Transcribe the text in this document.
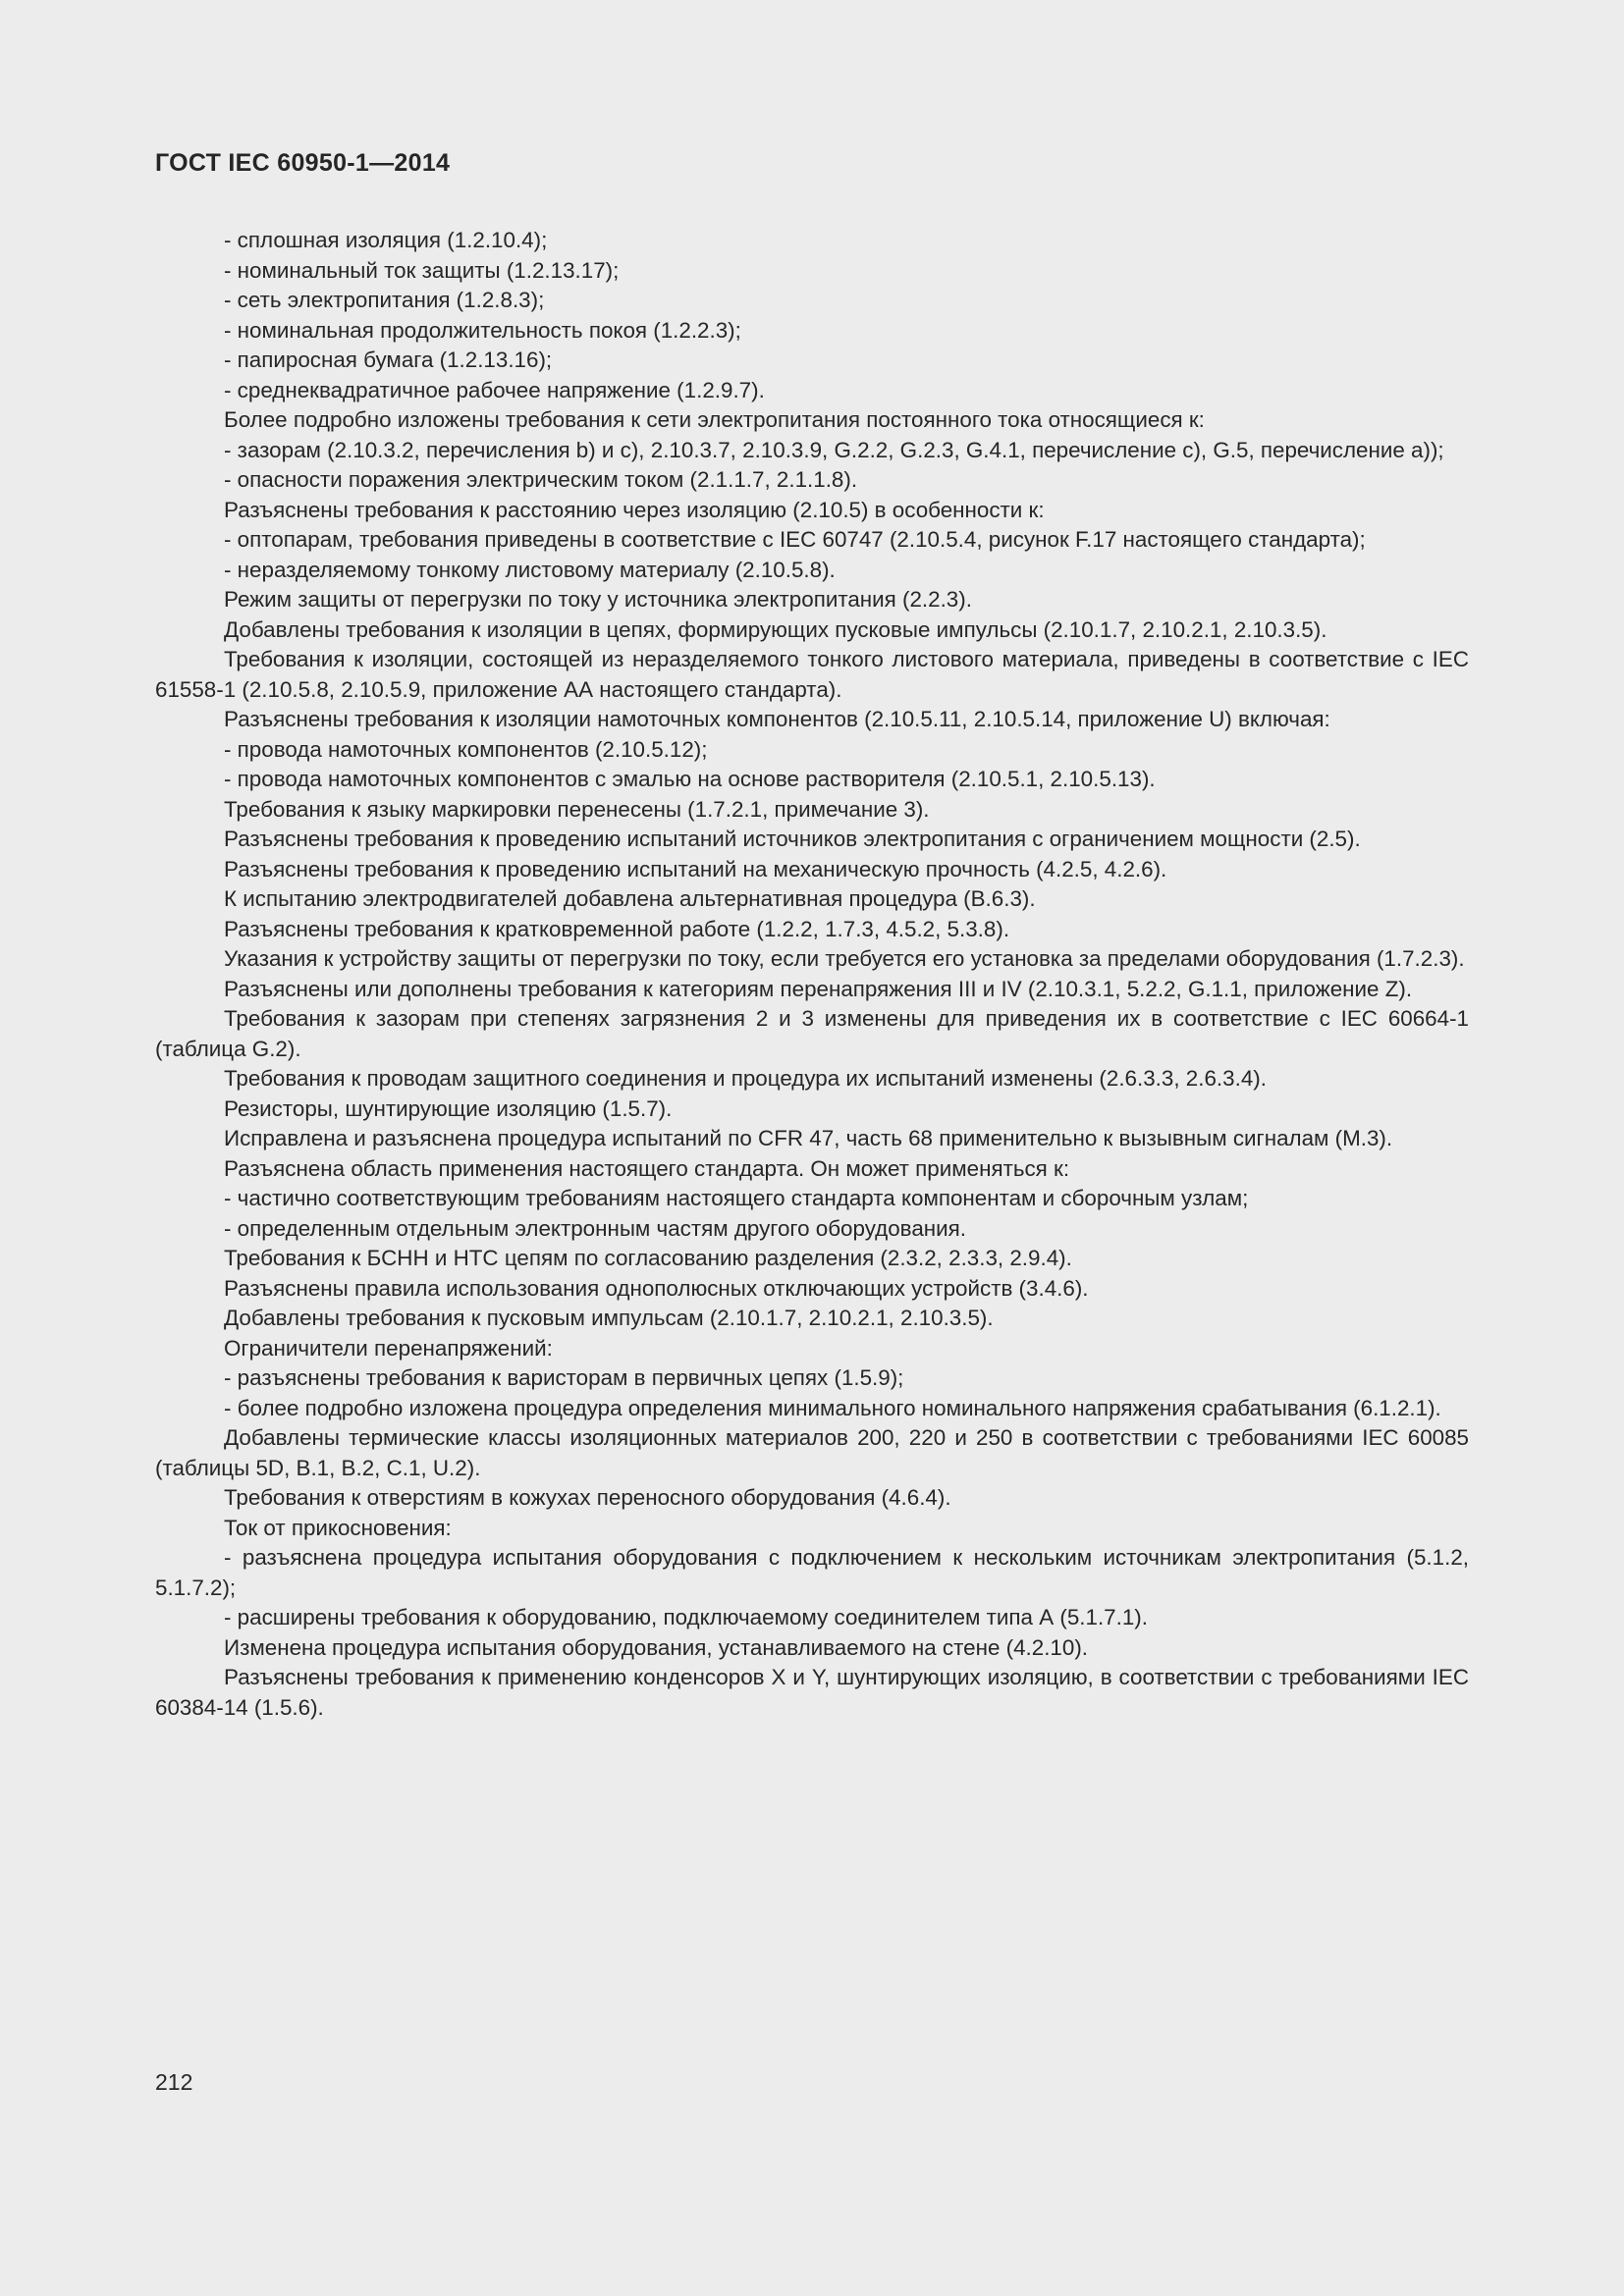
ГОСТ IEC 60950-1—2014

- сплошная изоляция (1.2.10.4);

- номинальный ток защиты (1.2.13.17);

- сеть электропитания (1.2.8.3);

- номинальная продолжительность покоя (1.2.2.3);

- папиросная бумага (1.2.13.16);

- среднеквадратичное рабочее напряжение (1.2.9.7).

Более подробно изложены требования к сети электропитания постоянного тока относящиеся к:

- зазорам (2.10.3.2, перечисления b) и с), 2.10.3.7, 2.10.3.9, G.2.2, G.2.3, G.4.1, перечисление с), G.5, перечисление а));

- опасности поражения электрическим током (2.1.1.7, 2.1.1.8).

Разъяснены требования к расстоянию через изоляцию (2.10.5) в особенности к:

- оптопарам, требования приведены в соответствие с IEC 60747 (2.10.5.4, рисунок F.17 настоящего стандарта);

- неразделяемому тонкому листовому материалу (2.10.5.8).

Режим защиты от перегрузки по току у источника электропитания (2.2.3).

Добавлены требования к изоляции в цепях, формирующих пусковые импульсы (2.10.1.7, 2.10.2.1, 2.10.3.5).

Требования к изоляции, состоящей из неразделяемого тонкого листового материала, приведены в соответствие с IEC 61558-1 (2.10.5.8, 2.10.5.9, приложение АА настоящего стандарта).

Разъяснены требования к изоляции намоточных компонентов (2.10.5.11, 2.10.5.14, приложение U) включая:

- провода намоточных компонентов (2.10.5.12);

- провода намоточных компонентов с эмалью на основе растворителя (2.10.5.1, 2.10.5.13).

Требования к языку маркировки перенесены (1.7.2.1, примечание 3).

Разъяснены требования к проведению испытаний источников электропитания с ограничением мощности (2.5).

Разъяснены требования к проведению испытаний на механическую прочность (4.2.5, 4.2.6).

К испытанию электродвигателей добавлена альтернативная процедура (В.6.3).

Разъяснены требования к кратковременной работе (1.2.2, 1.7.3, 4.5.2, 5.3.8).

Указания к устройству защиты от перегрузки по току, если требуется его установка за пределами оборудования (1.7.2.3).

Разъяснены или дополнены требования к категориям перенапряжения III и IV (2.10.3.1, 5.2.2, G.1.1, приложение Z).

Требования к зазорам при степенях загрязнения 2 и 3 изменены для приведения их в соответствие с IEC 60664-1 (таблица G.2).

Требования к проводам защитного соединения и процедура их испытаний изменены (2.6.3.3, 2.6.3.4).

Резисторы, шунтирующие изоляцию (1.5.7).

Исправлена и разъяснена процедура испытаний по CFR 47, часть 68 применительно к вызывным сигналам (М.3).

Разъяснена область применения настоящего стандарта. Он может применяться к:

- частично соответствующим требованиям настоящего стандарта компонентам и сборочным узлам;

- определенным отдельным электронным частям другого оборудования.

Требования к БСНН и НТС цепям по согласованию разделения (2.3.2, 2.3.3, 2.9.4).

Разъяснены правила использования однополюсных отключающих устройств (3.4.6).

Добавлены требования к пусковым импульсам (2.10.1.7, 2.10.2.1, 2.10.3.5).

Ограничители перенапряжений:

- разъяснены требования к варисторам в первичных цепях (1.5.9);

- более подробно изложена процедура определения минимального номинального напряжения срабатывания (6.1.2.1).

Добавлены термические классы изоляционных материалов 200, 220 и 250 в соответствии с требованиями IEC 60085 (таблицы 5D, B.1, В.2, С.1, U.2).

Требования к отверстиям в кожухах переносного оборудования (4.6.4).

Ток от прикосновения:

- разъяснена процедура испытания оборудования с подключением к нескольким источникам электропитания (5.1.2, 5.1.7.2);

- расширены требования к оборудованию, подключаемому соединителем типа А (5.1.7.1).

Изменена процедура испытания оборудования, устанавливаемого на стене (4.2.10).

Разъяснены требования к применению конденсоров X и Y, шунтирующих изоляцию, в соответствии с требованиями IEC 60384-14 (1.5.6).

212
